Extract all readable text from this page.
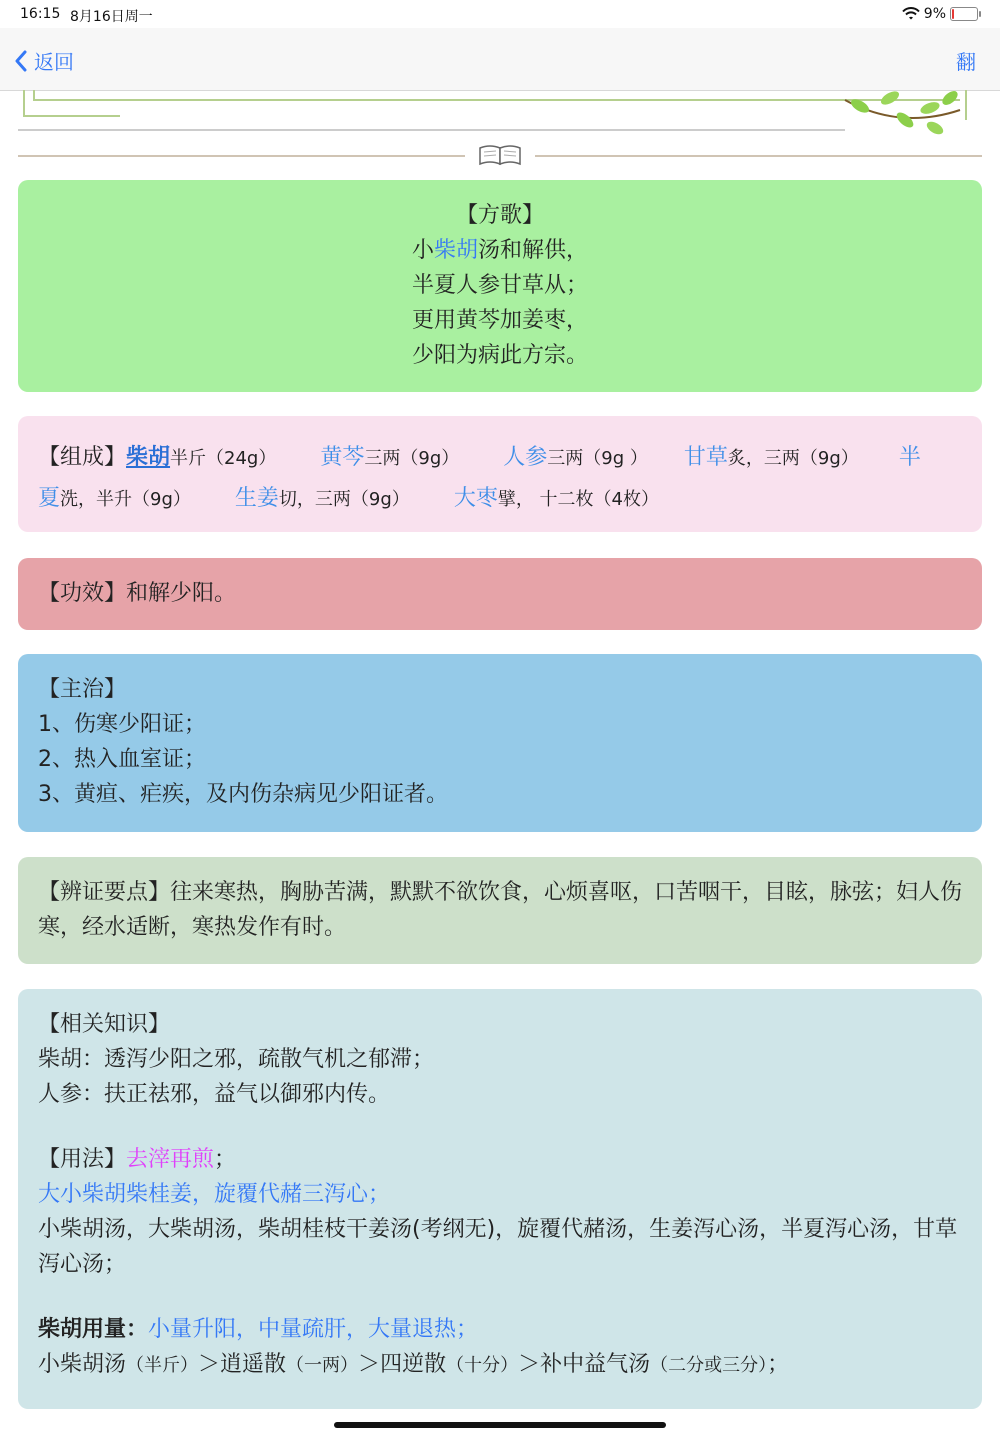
16:15 8月16日周一	9%
返回	翻
【方歌】
小柴胡汤和解供，
半夏人参甘草从；
更用黄芩加姜枣，
少阳为病此方宗。
【组成】柴胡半斤（24g） 黄芩三两（9g） 人参三两（9g ） 甘草炙，三两（9g） 半
夏洗，半升（9g） 生姜切，三两（9g） 大枣擘， 十二枚（4枚）
【功效】和解少阳。
【主治】
1、伤寒少阳证；
2、热入血室证；
3、黄疸、疟疾，及内伤杂病见少阳证者。
【辨证要点】往来寒热，胸胁苦满，默默不欲饮食，心烦喜呕，口苦咽干，目眩，脉弦；妇人伤寒，经水适断，寒热发作有时。
【相关知识】
柴胡：透泻少阳之邪，疏散气机之郁滞；
人参：扶正祛邪，益气以御邪内传。
【用法】去滓再煎；
大小柴胡柴桂姜，旋覆代赭三泻心；
小柴胡汤，大柴胡汤，柴胡桂枝干姜汤(考纲无)，旋覆代赭汤，生姜泻心汤，半夏泻心汤，甘草泻心汤；
柴胡用量：小量升阳，中量疏肝，大量退热；
小柴胡汤（半斤）＞逍遥散（一两）＞四逆散（十分）＞补中益气汤（二分或三分）；
